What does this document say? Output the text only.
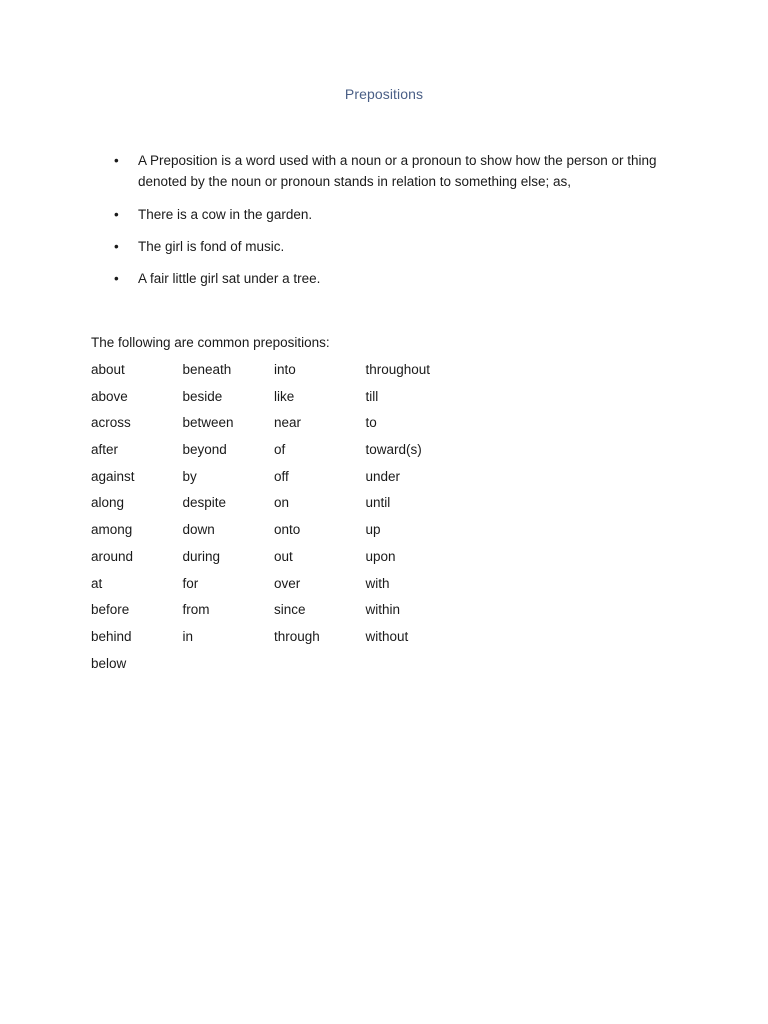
Prepositions
• A Preposition is a word used with a noun or a pronoun to show how the person or thing denoted by the noun or pronoun stands in relation to something else; as,
• There is a cow in the garden.
• The girl is fond of music.
• A fair little girl sat under a tree.
The following are common prepositions:
about	beneath	into	throughout
above	beside	like	till
across	between	near	to
after	beyond	of	toward(s)
against	by	off	under
along	despite	on	until
among	down	onto	up
around	during	out	upon
at	for	over	with
before	from	since	within
behind	in	through	without
below
